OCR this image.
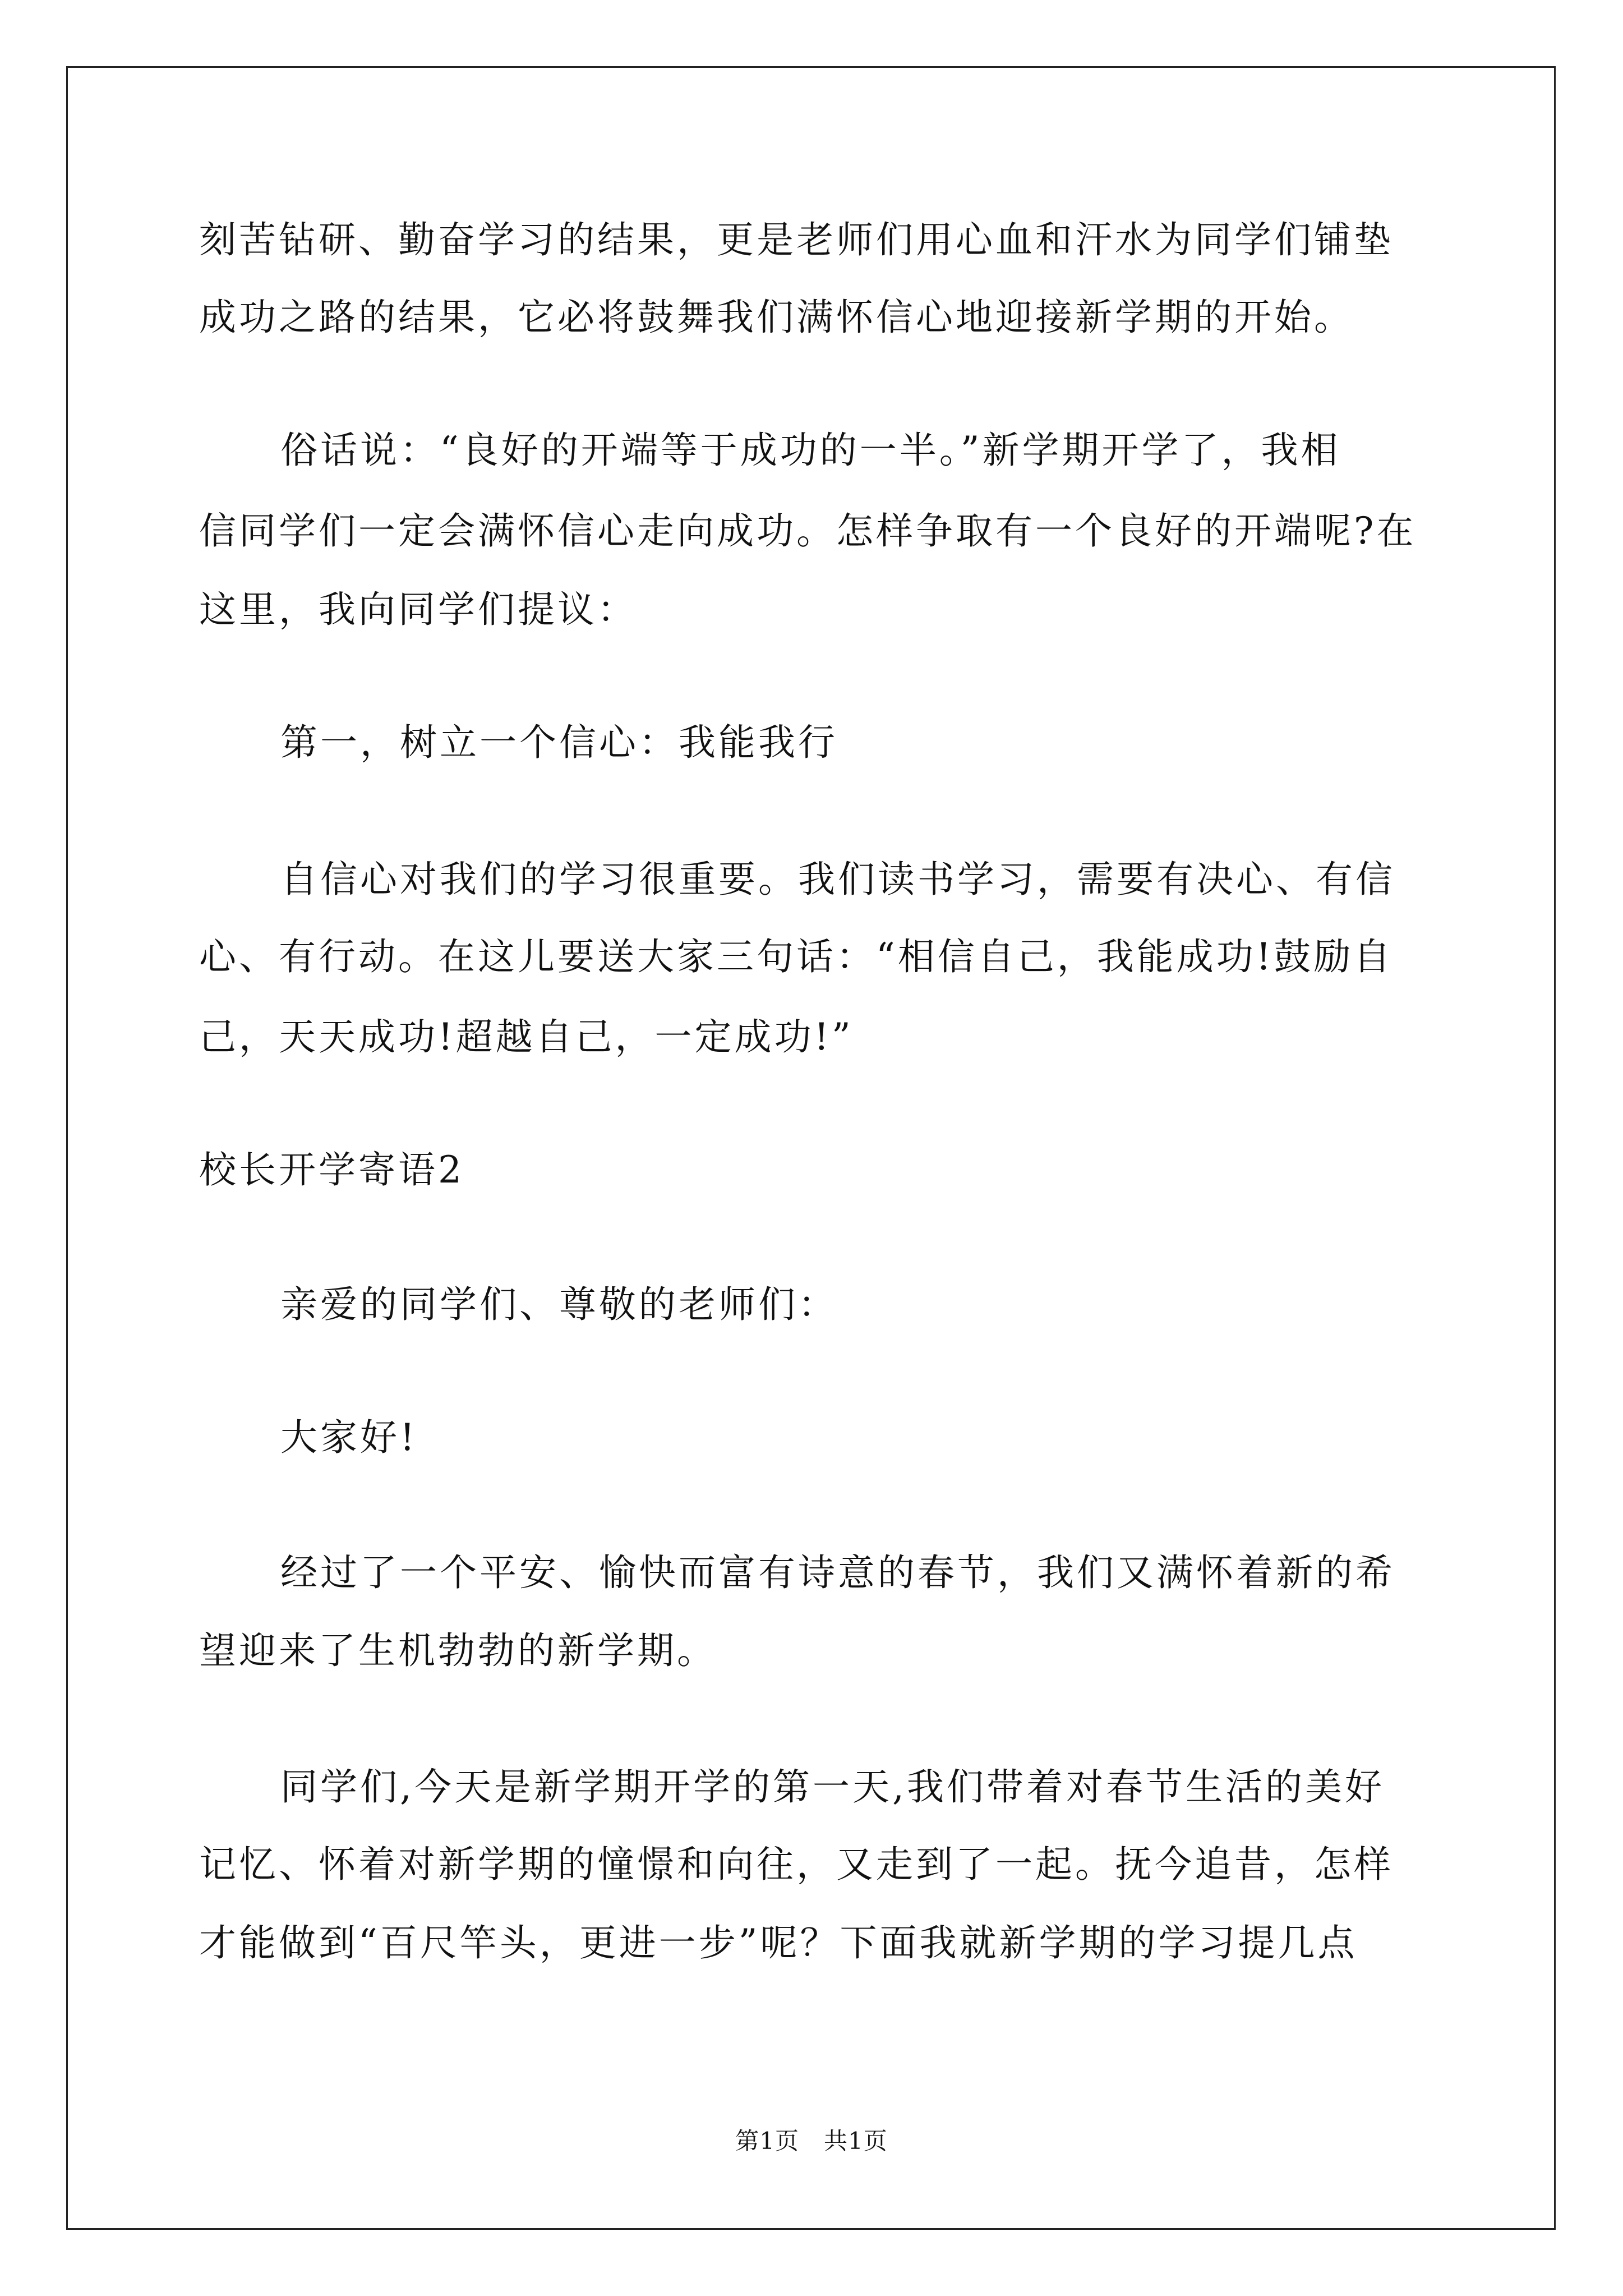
刻苦钻研、勤奋学习的结果，更是老师们用心血和汗水为同学们铺垫
成功之路的结果，它必将鼓舞我们满怀信心地迎接新学期的开始。
俗话说：“良好的开端等于成功的一半。”新学期开学了，我相
信同学们一定会满怀信心走向成功。怎样争取有一个良好的开端呢?在
这里，我向同学们提议：
第一，树立一个信心：我能我行
自信心对我们的学习很重要。我们读书学习，需要有决心、有信
心、有行动。在这儿要送大家三句话：“相信自己，我能成功!鼓励自
己，天天成功!超越自己，一定成功!”
校长开学寄语2
亲爱的同学们、尊敬的老师们：
大家好!
经过了一个平安、愉快而富有诗意的春节，我们又满怀着新的希
望迎来了生机勃勃的新学期。
同学们,今天是新学期开学的第一天,我们带着对春节生活的美好
记忆、怀着对新学期的憧憬和向往，又走到了一起。抚今追昔，怎样
才能做到“百尺竿头，更进一步”呢？下面我就新学期的学习提几点
第1页 共1页
